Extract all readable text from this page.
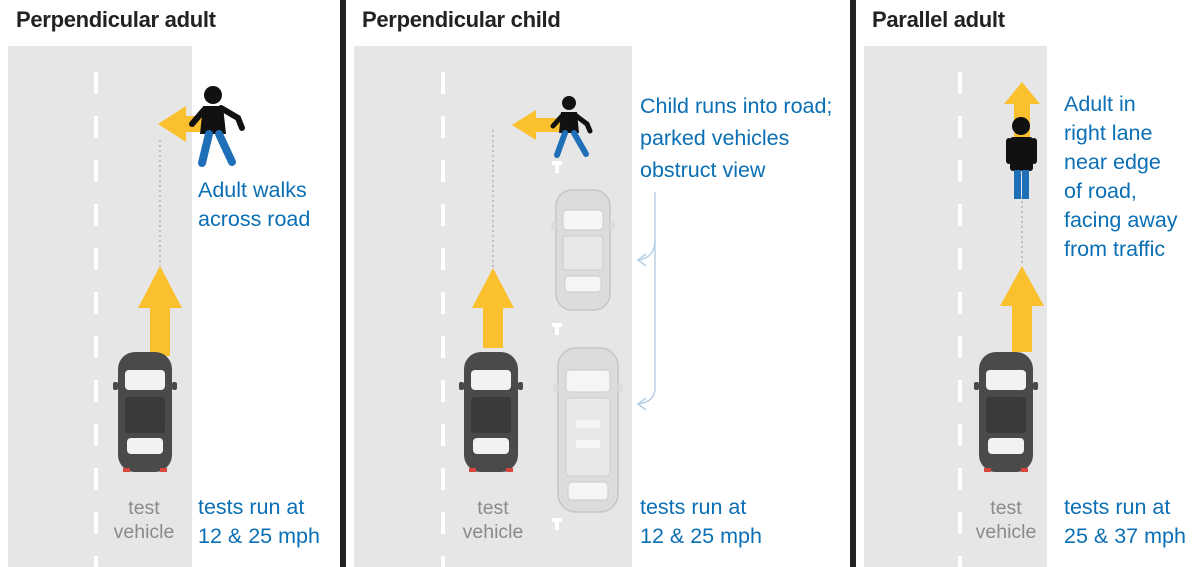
Perpendicular adult

Adult walks
across road

tests run at
12 & 25 mph

test
vehicle

Perpendicular child

Child runs into road;
parked vehicles
obstruct view

tests run at
12 & 25 mph

test
vehicle

Parallel adult

Adult in
right lane
near edge
of road,
facing away
from traffic

tests run at
25 & 37 mph

test
vehicle
